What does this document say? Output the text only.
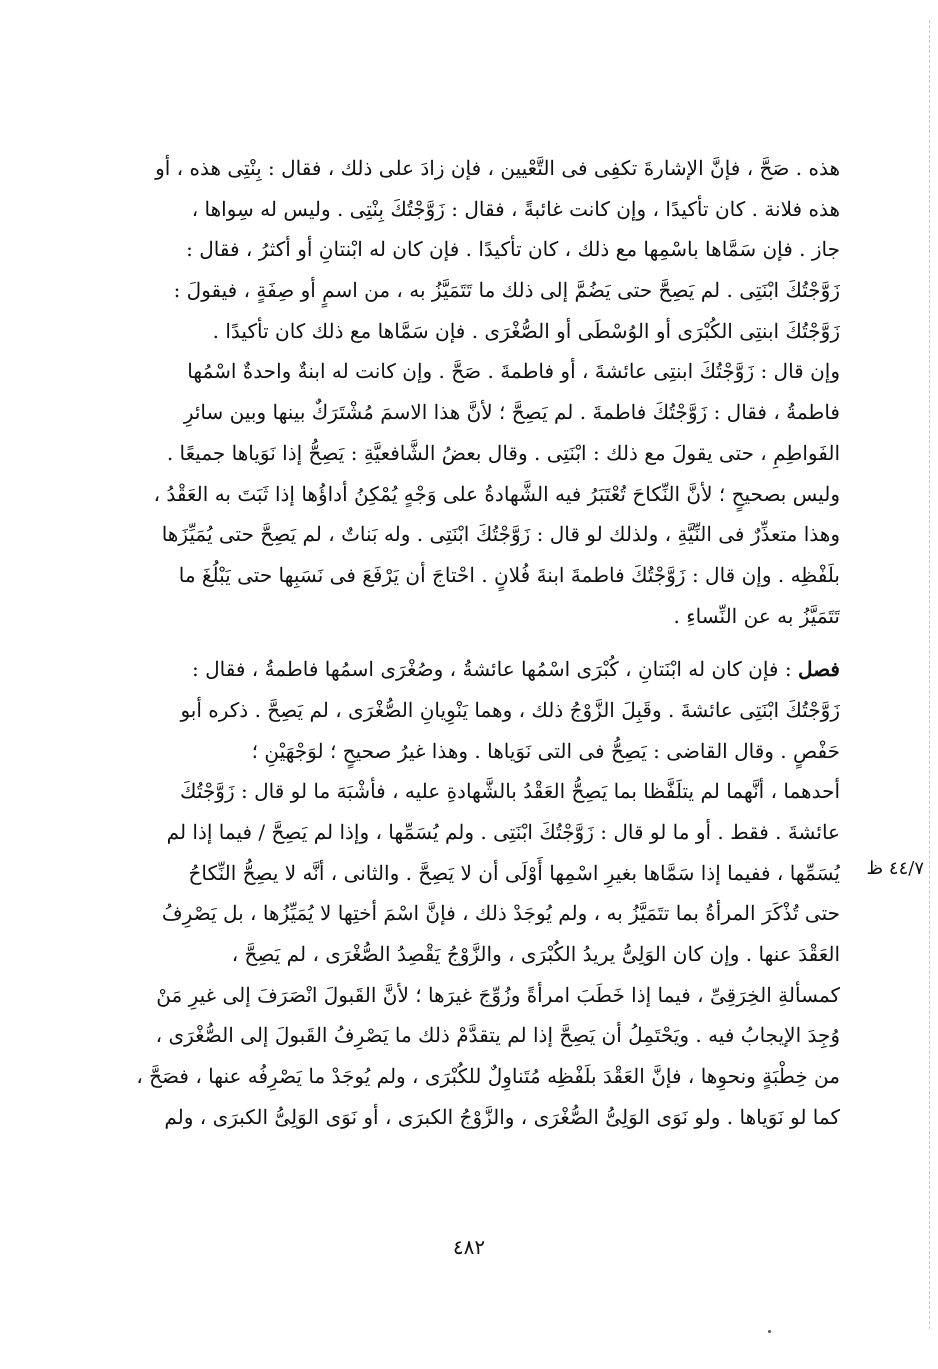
هذه . صَحَّ ، فإنَّ الإشارةَ تكفِى فى التَّعْيين ، فإن زادَ على ذلك ، فقال : بِنْتِى هذه ، أو
هذه فلانة . كان تأكيدًا ، وإن كانت غائبةً ، فقال : زَوَّجْتُكَ بِنْتِى . وليس له سِواها ،
جاز . فإن سَمَّاها باسْمِها مع ذلك ، كان تأكيدًا . فإن كان له ابْنتانِ أو أكثرُ ، فقال :
زَوَّجْتُكَ ابْنَتِى . لم يَصِحَّ حتى يَضُمَّ إلى ذلك ما تَتَمَيَّزُ به ، من اسمٍ أو صِفَةٍ ، فيقولَ :
زَوَّجْتُكَ ابنتِى الكُبْرَى أو الوُسْطَى أو الصُّغْرَى . فإن سَمَّاها مع ذلك كان تأكيدًا .
وإن قال : زَوَّجْتُكَ ابنتِى عائشةَ ، أو فاطمةَ . صَحَّ . وإن كانت له ابنةٌ واحدةٌ اسْمُها
فاطمةُ ، فقال : زَوَّجْتُكَ فاطمةَ . لم يَصِحَّ ؛ لأنَّ هذا الاسمَ مُشْتَرَكٌ بينها وبين سائرِ
الفَواطِمِ ، حتى يقولَ مع ذلك : ابْنَتِى . وقال بعضُ الشَّافعيَّةِ : يَصِحُّ إذا نَوَياها جميعًا .
وليس بصحيحٍ ؛ لأنَّ النِّكاحَ تُعْتَبَرُ فيه الشَّهادةُ على وَجْهٍ يُمْكِنُ أداؤُها إذا ثَبَتَ به العَقْدُ ،
وهذا متعذِّرٌ فى النِّيَّةِ ، ولذلك لو قال : زَوَّجْتُكَ ابْنَتِى . وله بَناتٌ ، لم يَصِحَّ حتى يُمَيِّزَها
بلَفْظِه . وإن قال : زَوَّجْتُكَ فاطمةَ ابنةَ فُلانٍ . احْتاجَ أن يَرْفَعَ فى نَسَبِها حتى يَبْلُغَ ما
تَتَمَيَّزُ به عن النِّساءِ .
فصل : فإن كان له ابْنَتانِ ، كُبْرَى اسْمُها عائشةُ ، وصُغْرَى اسمُها فاطمةُ ، فقال :
زَوَّجْتُكَ ابْنَتِى عائشةَ . وقَبِلَ الزَّوْجُ ذلك ، وهما يَنْوِيانِ الصُّغْرَى ، لم يَصِحَّ . ذكره أبو
حَفْصٍ . وقال القاضى : يَصِحُّ فى التى نَوَياها . وهذا غيرُ صحيحٍ ؛ لوَجْهَيْنِ ؛
أحدهما ، أنَّهما لم يتلَفَّظا بما يَصِحُّ العَقْدُ بالشَّهادةِ عليه ، فأشْبَهَ ما لو قال : زَوَّجْتُكَ
عائشةَ . فقط . أو ما لو قال : زَوَّجْتُكَ ابْنَتِى . ولم يُسَمِّها ، وإذا لم يَصِحَّ / فيما إذا لم
يُسَمِّها ، ففيما إذا سَمَّاها بغيرِ اسْمِها أَوْلَى أن لا يَصِحَّ . والثانى ، أنَّه لا يصِحُّ النِّكاحُ
حتى تُذْكَرَ المرأةُ بما تتَمَيَّزُ به ، ولم يُوجَدْ ذلك ، فإنَّ اسْمَ أختِها لا يُمَيِّزُها ، بل يَصْرِفُ
العَقْدَ عنها . وإن كان الوَلِىُّ يريدُ الكُبْرَى ، والزَّوْجُ يَقْصِدُ الصُّغْرَى ، لم يَصِحَّ ،
كمسألةِ الخِرَقِىِّ ، فيما إذا خَطَبَ امرأةً وزُوِّجَ غيرَها ؛ لأنَّ القَبولَ انْصَرَفَ إلى غيرِ مَنْ
وُجِدَ الإيجابُ فيه . ويَحْتَمِلُ أن يَصِحَّ إذا لم يتقدَّمْ ذلك ما يَصْرِفُ القَبولَ إلى الصُّغْرَى ،
من خِطْبَةٍ ونحوِها ، فإنَّ العَقْدَ بلَفْظِه مُتَناوِلٌ للكُبْرَى ، ولم يُوجَدْ ما يَصْرِفُه عنها ، فصَحَّ ،
كما لو نَوَياها . ولو نَوَى الوَلِىُّ الصُّغْرَى ، والزَّوْجُ الكبرَى ، أو نَوَى الوَلِىُّ الكبرَى ، ولم
٤٤/٧ ظ
٤٨٢
